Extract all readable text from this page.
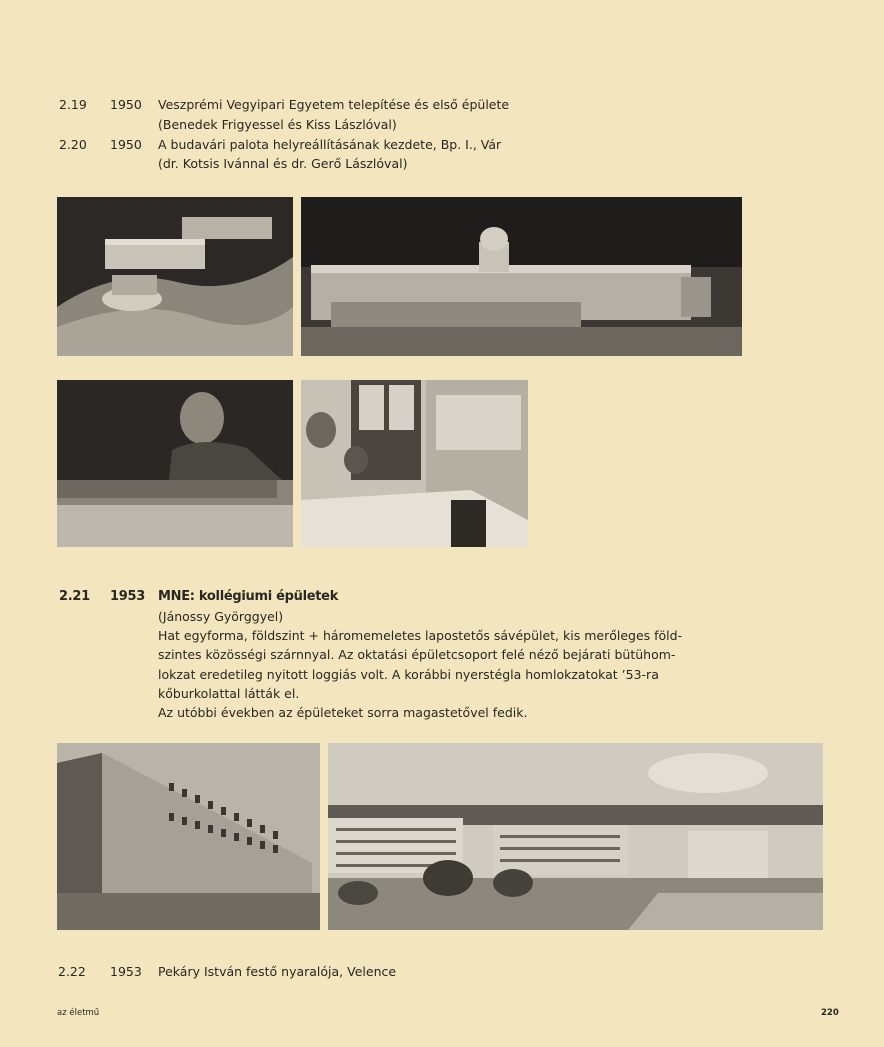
2.19 1950 Veszprémi Vegyipari Egyetem telepítése és első épülete
(Benedek Frigyessel és Kiss Lászlóval)
2.20 1950 A budavári palota helyreállításának kezdete, Bp. I., Vár
(dr. Kotsis Ivánnal és dr. Gerő Lászlóval)
2.21 1953 MNE: kollégiumi épületek
(Jánossy Györggyel)
Hat egyforma, földszint + háromemeletes lapostetős sávépület, kis merőleges föld-
szintes közösségi szárnnyal. Az oktatási épületcsoport felé néző bejárati bütühom-
lokzat eredetileg nyitott loggiás volt. A korábbi nyerstégla homlokzatokat ’53-ra
kőburkolattal látták el.
Az utóbbi években az épületeket sorra magastetővel fedik.
2.22 1953 Pekáry István festő nyaralója, Velence
az életmű	220
